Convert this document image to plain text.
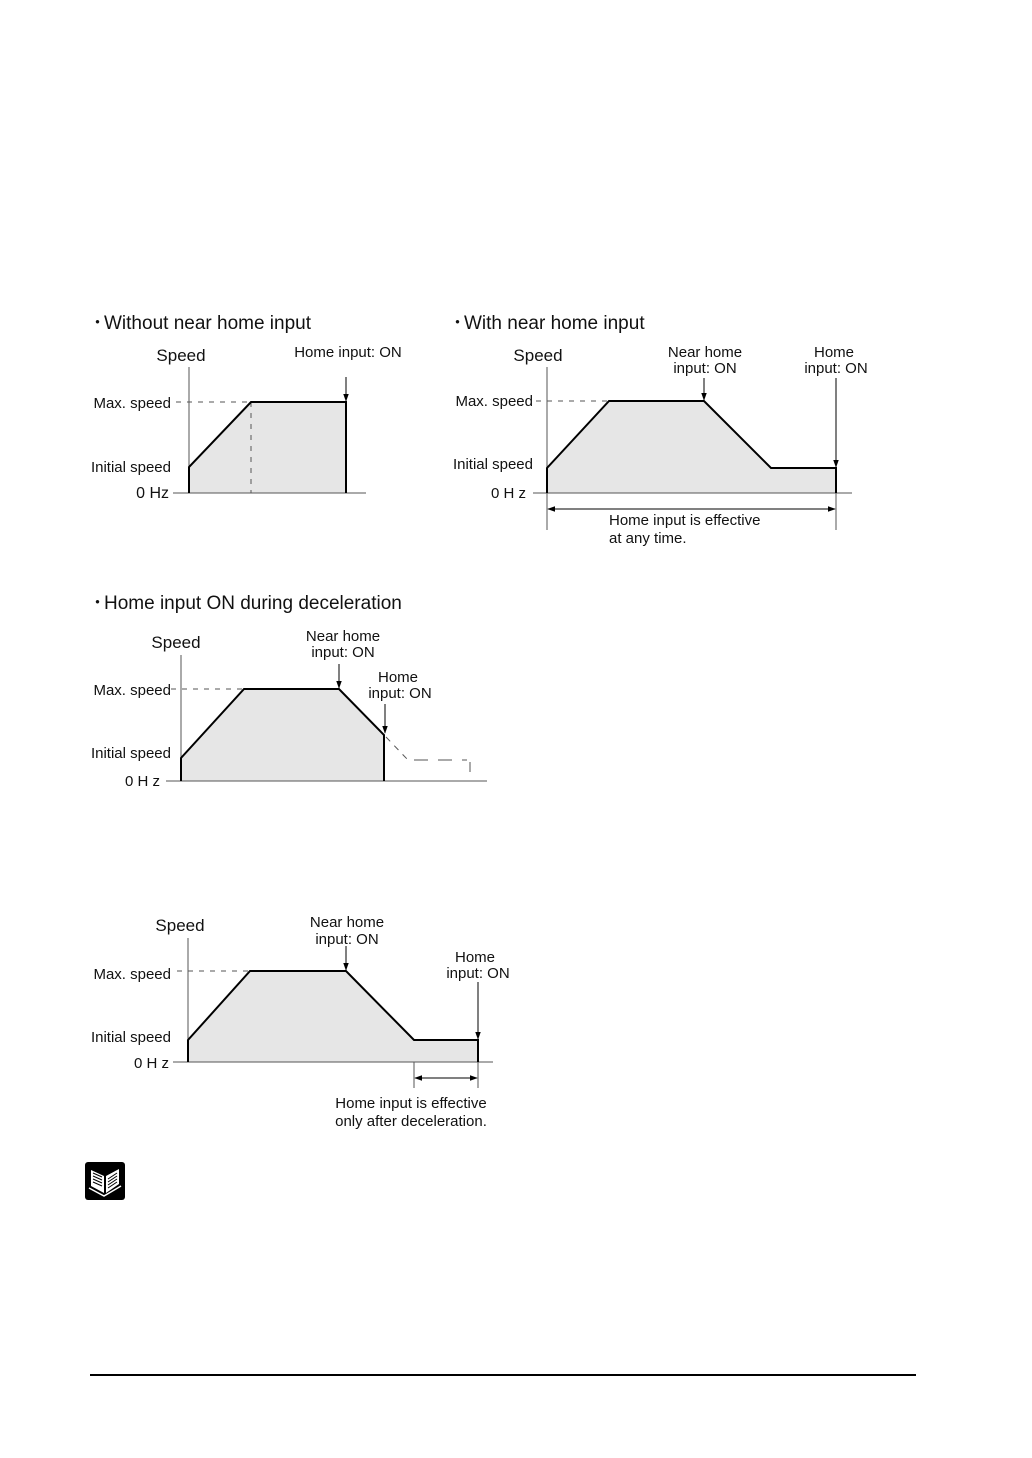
・Without near home input	・With near home input
・Home input ON during deceleration
Speed
Max. speed
Initial speed
0 Hz
Home input: ON	Speed
Max. speed
Initial speed
0 H z
Near home
input: ON
Home
input: ON
Home input is effective
at any time.
Speed
Max. speed
Initial speed
0 H z
Near home
input: ON
Home
input: ON
Speed
Max. speed
Initial speed
0 H z
Near home
input: ON
Home
input: ON
Home input is effective
only after deceleration.
